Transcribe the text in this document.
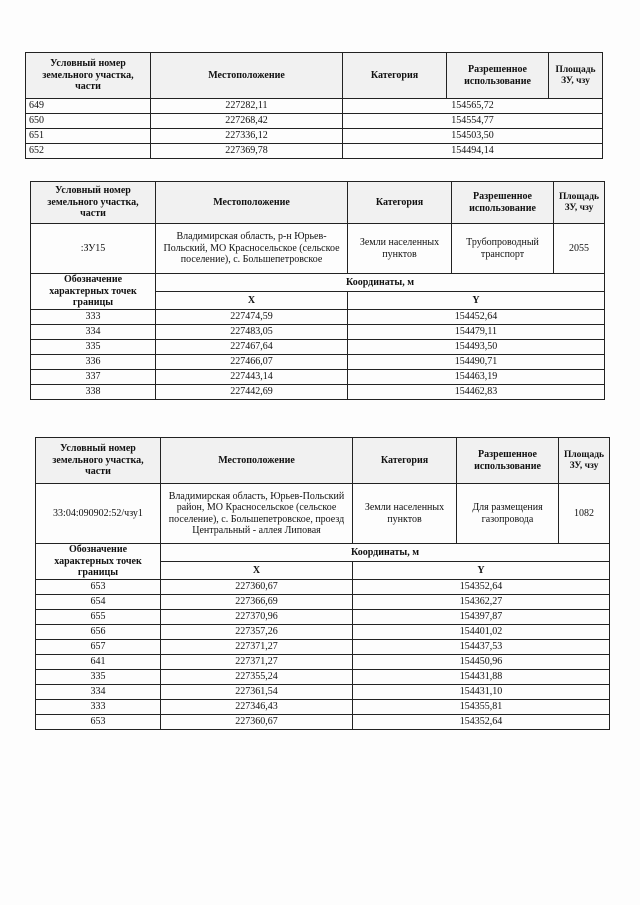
Условный номер земельного участка, части	Местоположение	Категория	Разрешенное использование	Площадь ЗУ, чзу
649	227282,11	154565,72		
650	227268,42	154554,77		
651	227336,12	154503,50		
652	227369,78	154494,14		
Условный номер земельного участка, части	Местоположение	Категория	Разрешенное использование	Площадь ЗУ, чзу
:ЗУ15	Владимирская область, р-н Юрьев-Польский, МО Красносельское (сельское поселение), с. Большепетровское	Земли населенных пунктов	Трубопроводный транспорт	2055
Обозначение характерных точек границы	Координаты, м			
	X	Y		
333	227474,59	154452,64		
334	227483,05	154479,11		
335	227467,64	154493,50		
336	227466,07	154490,71		
337	227443,14	154463,19		
338	227442,69	154462,83		
Условный номер земельного участка, части	Местоположение	Категория	Разрешенное использование	Площадь ЗУ, чзу
33:04:090902:52/чзу1	Владимирская область, Юрьев-Польский район, МО Красносельское (сельское поселение), с. Большепетровское, проезд Центральный - аллея Липовая	Земли населенных пунктов	Для размещения газопровода	1082
Обозначение характерных точек границы	Координаты, м			
	X	Y		
653	227360,67	154352,64		
654	227366,69	154362,27		
655	227370,96	154397,87		
656	227357,26	154401,02		
657	227371,27	154437,53		
641	227371,27	154450,96		
335	227355,24	154431,88		
334	227361,54	154431,10		
333	227346,43	154355,81		
653	227360,67	154352,64		
